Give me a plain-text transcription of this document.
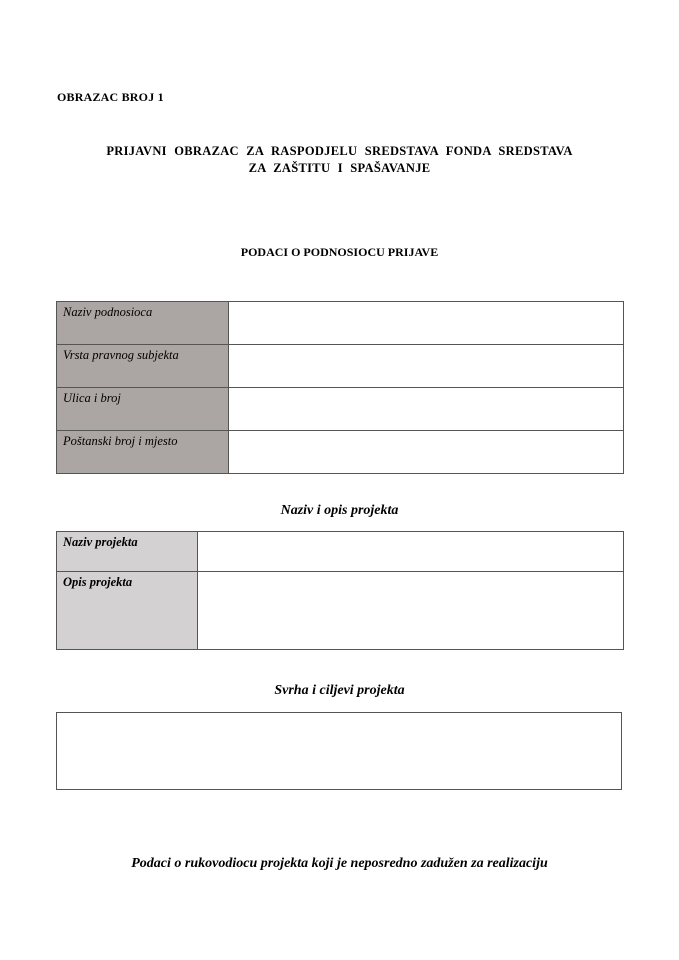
OBRAZAC BROJ 1
PRIJAVNI OBRAZAC ZA RASPODJELU SREDSTAVA FONDA SREDSTAVA
ZA ZAŠTITU I SPAŠAVANJE
PODACI O PODNOSIOCU PRIJAVE
Naziv podnosioca	
Vrsta pravnog subjekta	
Ulica i broj	
Poštanski broj i mjesto	
Naziv i opis projekta
Naziv projekta	
Opis projekta	
Svrha i ciljevi projekta
Podaci o rukovodiocu projekta koji je neposredno zadužen za realizaciju
